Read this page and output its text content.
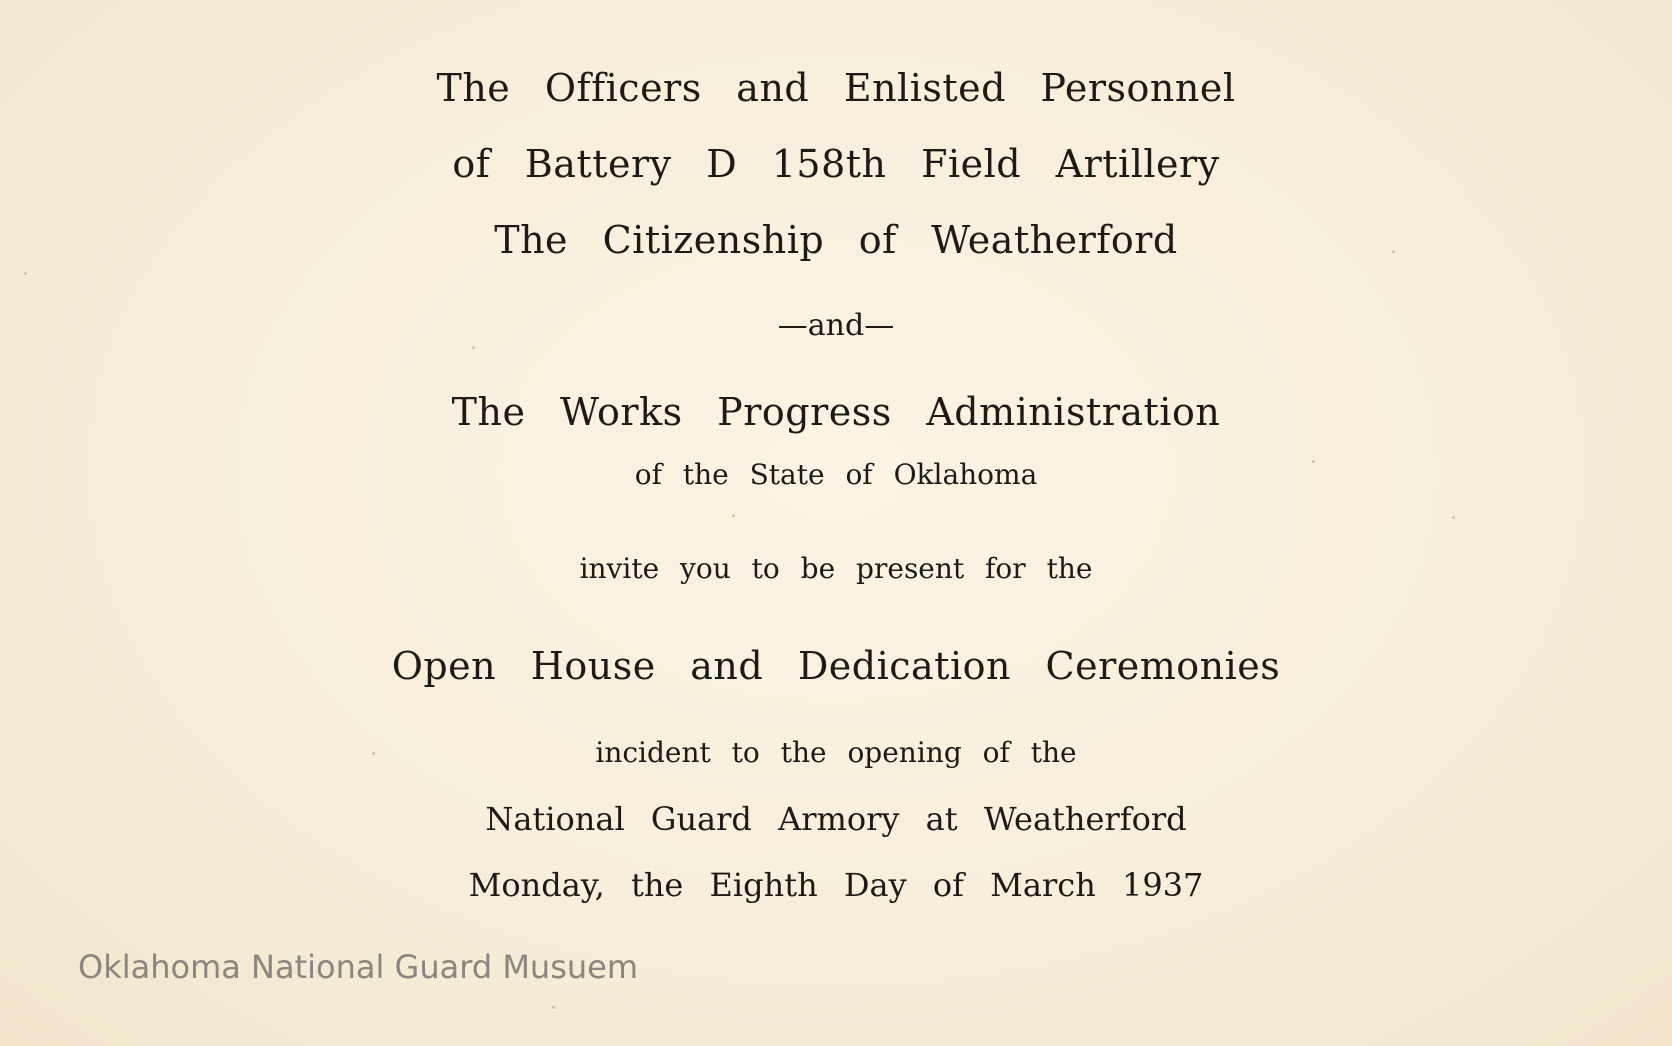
The Officers and Enlisted Personnel

of Battery D 158th Field Artillery

The Citizenship of Weatherford

—and—

The Works Progress Administration

of the State of Oklahoma

invite you to be present for the

Open House and Dedication Ceremonies

incident to the opening of the

National Guard Armory at Weatherford

Monday, the Eighth Day of March 1937

Oklahoma National Guard Musuem
